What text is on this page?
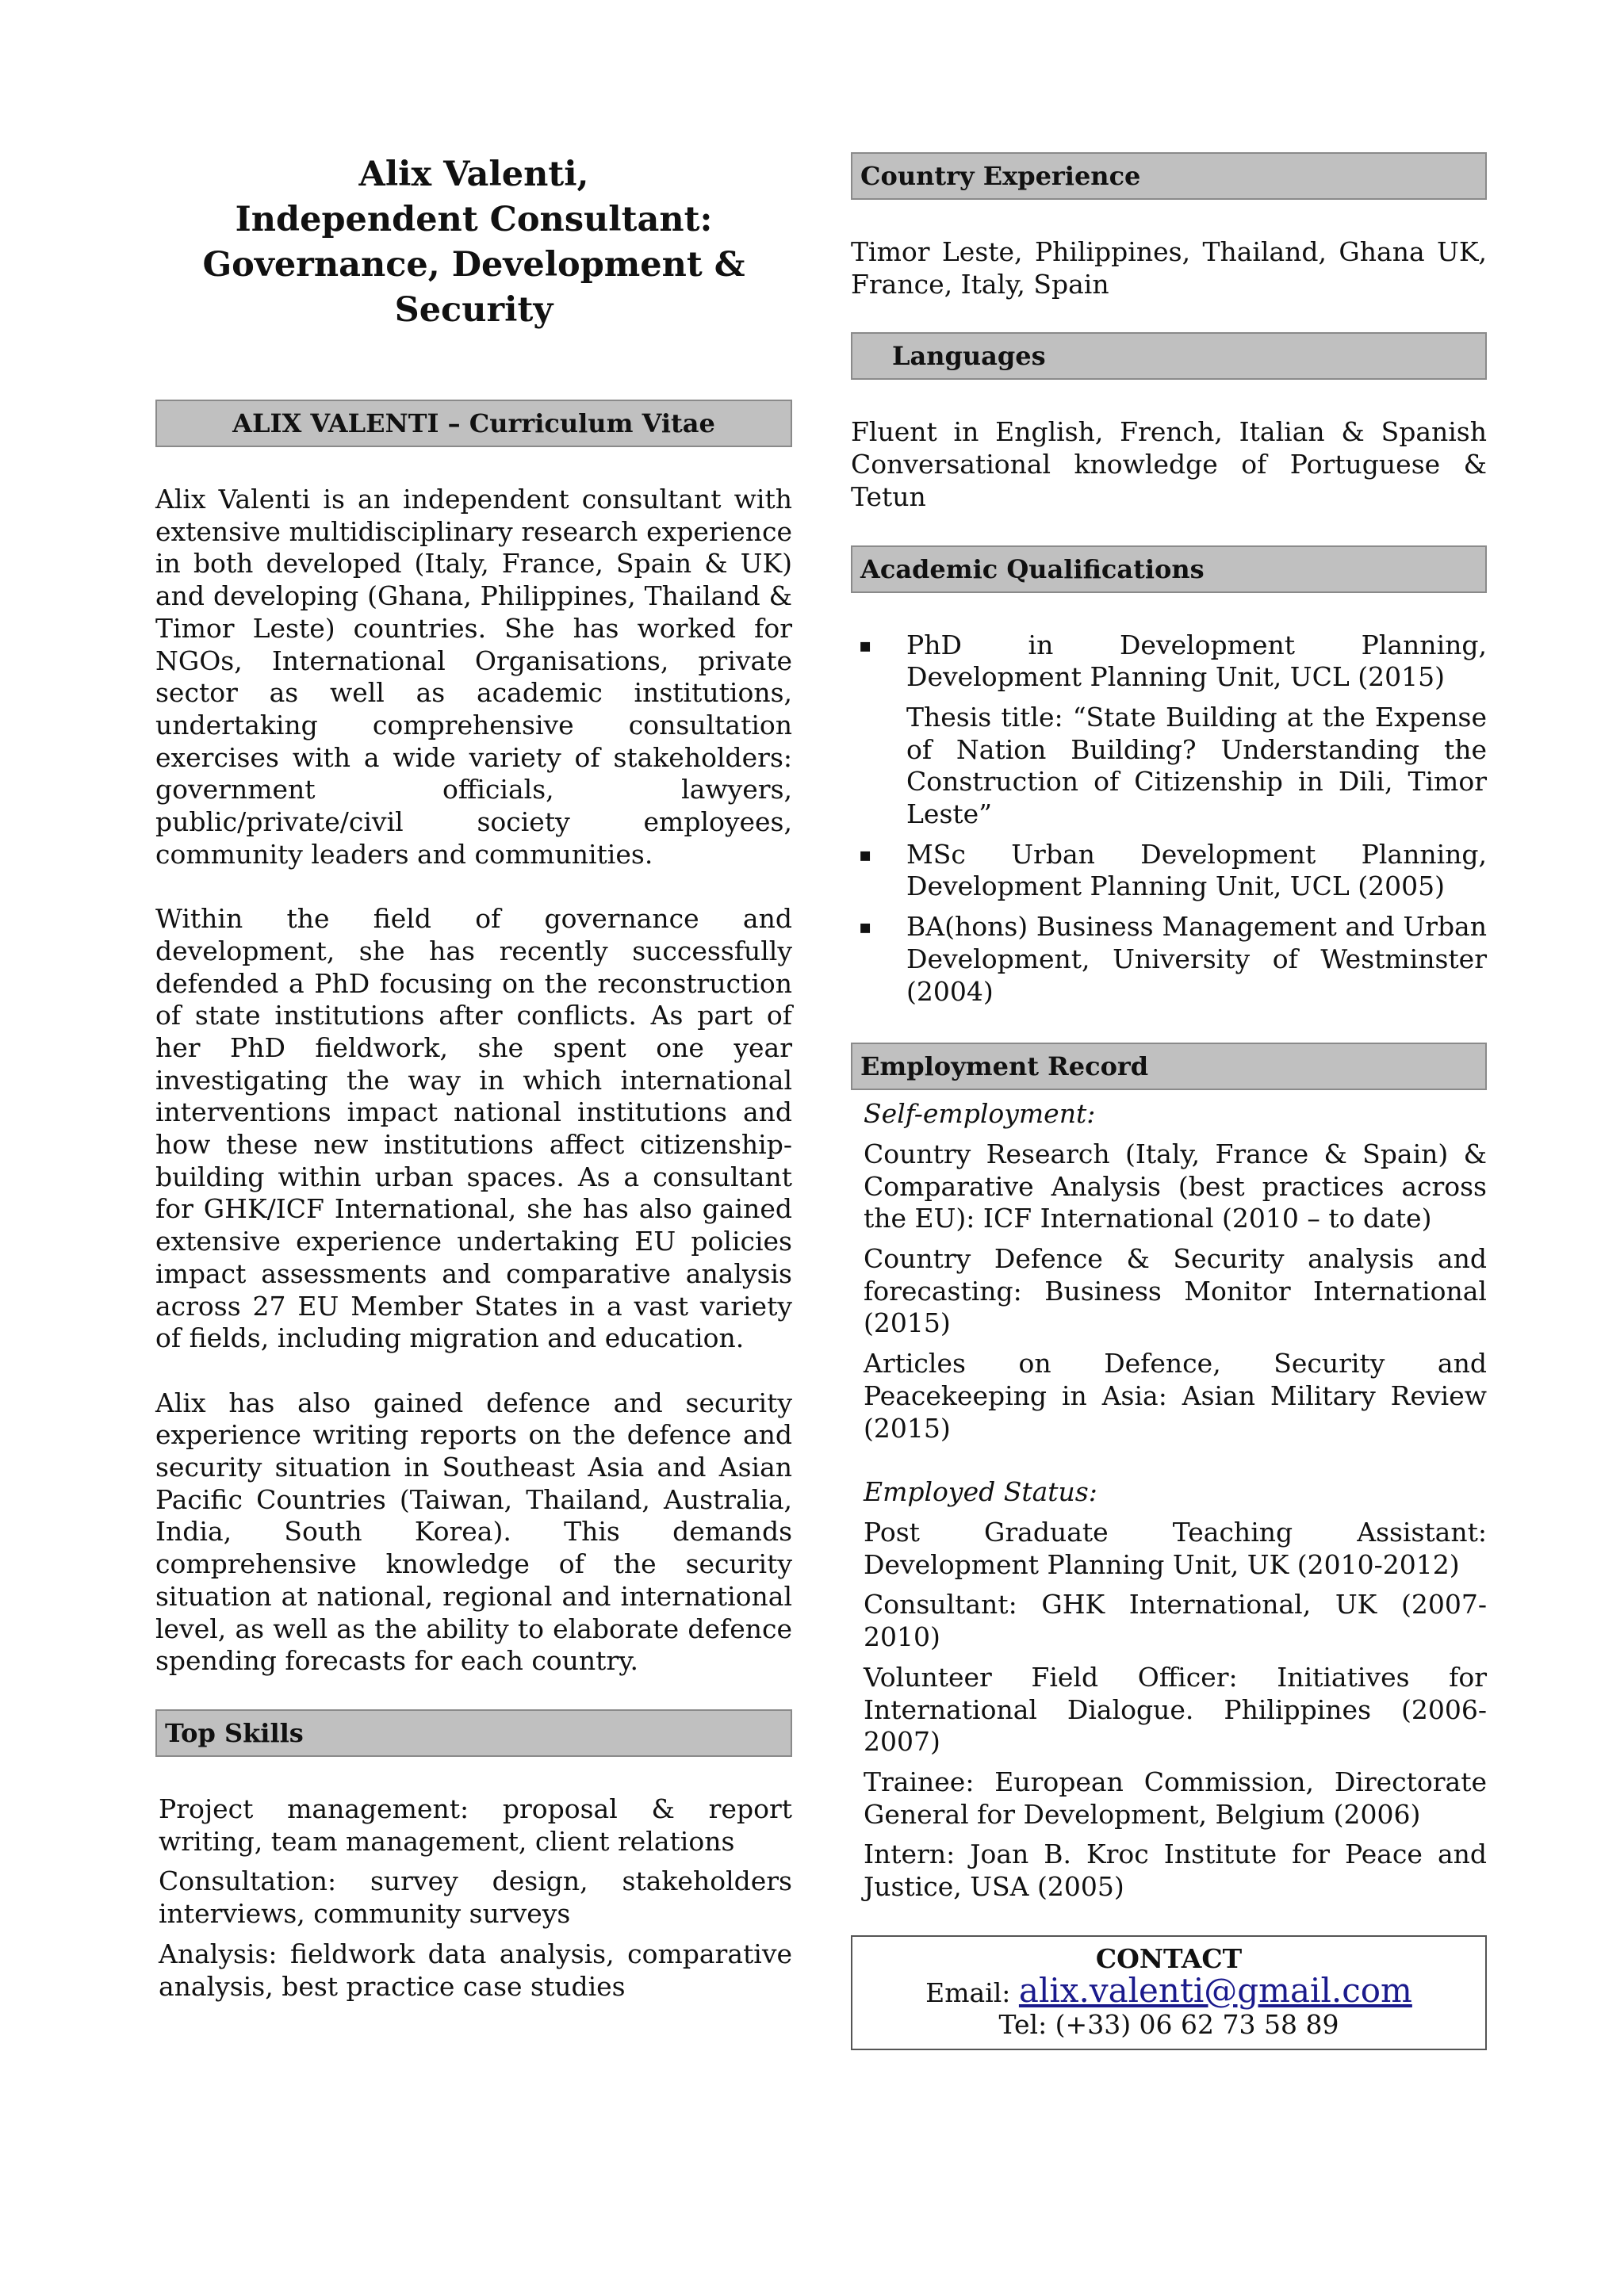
Alix Valenti,
Independent Consultant:
Governance, Development &
Security
ALIX VALENTI – Curriculum Vitae

Alix Valenti is an independent consultant with extensive multidisciplinary research experience in both developed (Italy, France, Spain & UK) and developing (Ghana, Philippines, Thailand & Timor Leste) countries. She has worked for NGOs, International Organisations, private sector as well as academic institutions, undertaking comprehensive consultation exercises with a wide variety of stakeholders: government officials, lawyers, public/private/civil society employees, community leaders and communities.

Within the field of governance and development, she has recently successfully defended a PhD focusing on the reconstruction of state institutions after conflicts. As part of her PhD fieldwork, she spent one year investigating the way in which international interventions impact national institutions and how these new institutions affect citizenship-building within urban spaces. As a consultant for GHK/ICF International, she has also gained extensive experience undertaking EU policies impact assessments and comparative analysis across 27 EU Member States in a vast variety of fields, including migration and education.

Alix has also gained defence and security experience writing reports on the defence and security situation in Southeast Asia and Asian Pacific Countries (Taiwan, Thailand, Australia, India, South Korea). This demands comprehensive knowledge of the security situation at national, regional and international level, as well as the ability to elaborate defence spending forecasts for each country.

Top Skills
Project management: proposal & report writing, team management, client relations
Consultation: survey design, stakeholders interviews, community surveys
Analysis: fieldwork data analysis, comparative analysis, best practice case studies
Country Experience

Timor Leste, Philippines, Thailand, Ghana UK, France, Italy, Spain

Languages

Fluent in English, French, Italian & Spanish Conversational knowledge of Portuguese & Tetun

Academic Qualifications
▪ PhD in Development Planning, Development Planning Unit, UCL (2015)
Thesis title: “State Building at the Expense of Nation Building? Understanding the Construction of Citizenship in Dili, Timor Leste”
▪ MSc Urban Development Planning, Development Planning Unit, UCL (2005)
▪ BA(hons) Business Management and Urban Development, University of Westminster (2004)
Employment Record
Self-employment:
Country Research (Italy, France & Spain) & Comparative Analysis (best practices across the EU): ICF International (2010 – to date)
Country Defence & Security analysis and forecasting: Business Monitor International (2015)
Articles on Defence, Security and Peacekeeping in Asia: Asian Military Review (2015)
Employed Status:
Post Graduate Teaching Assistant: Development Planning Unit, UK (2010-2012)
Consultant: GHK International, UK (2007-2010)
Volunteer Field Officer: Initiatives for International Dialogue. Philippines (2006-2007)
Trainee: European Commission, Directorate General for Development, Belgium (2006)
Intern: Joan B. Kroc Institute for Peace and Justice, USA (2005)
CONTACT
Email: alix.valenti@gmail.com
Tel: (+33) 06 62 73 58 89
